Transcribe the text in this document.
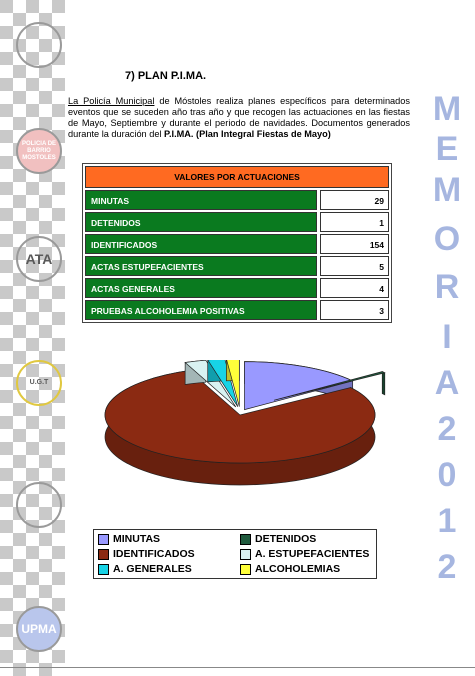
POLICIA DE BARRIO
MOSTOLES
ATA
U.G.T
UPMA
M
E
M
O
R
I
A
2
0
1
2
7) PLAN P.I.MA.
La Policía Municipal de Móstoles realiza planes específicos para determinados eventos que se suceden año tras año y que recogen las actuaciones en las fiestas de Mayo, Septiembre y durante el periodo de navidades. Documentos generados durante la duración del P.I.MA. (Plan Integral Fiestas de Mayo)
VALORES POR ACTUACIONES
MINUTAS	29
DETENIDOS	1
IDENTIFICADOS	154
ACTAS ESTUPEFACIENTES	5
ACTAS GENERALES	4
PRUEBAS ALCOHOLEMIA POSITIVAS	3
MINUTAS	DETENIDOS
IDENTIFICADOS	A. ESTUPEFACIENTES
A. GENERALES	ALCOHOLEMIAS
